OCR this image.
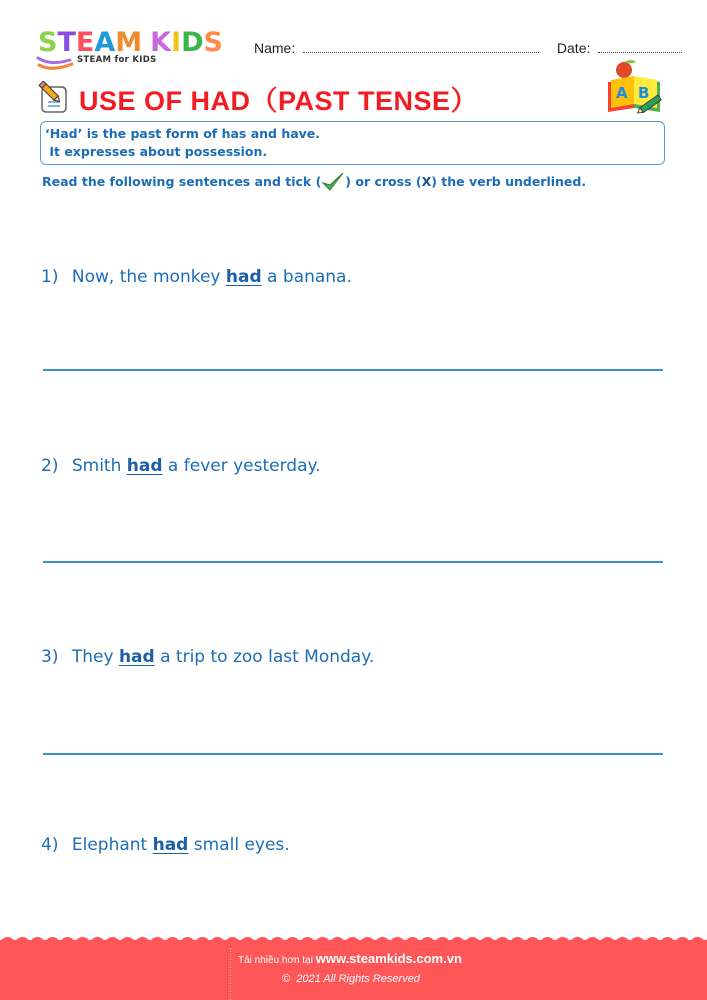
STEAM KIDS
STEAM for KIDS
Name:	Date:
USE OF HAD（PAST TENSE）	A B
‘Had’ is the past form of has and have.
It expresses about possession.
Read the following sentences and tick ( ) or cross ( X ) the verb underlined.
1) Now, the monkey had a banana.
2) Smith had a fever yesterday.
3) They had a trip to zoo last Monday.
4) Elephant had small eyes.
Tải nhiều hơn tại www.steamkids.com.vn
©  2021 All Rights Reserved
